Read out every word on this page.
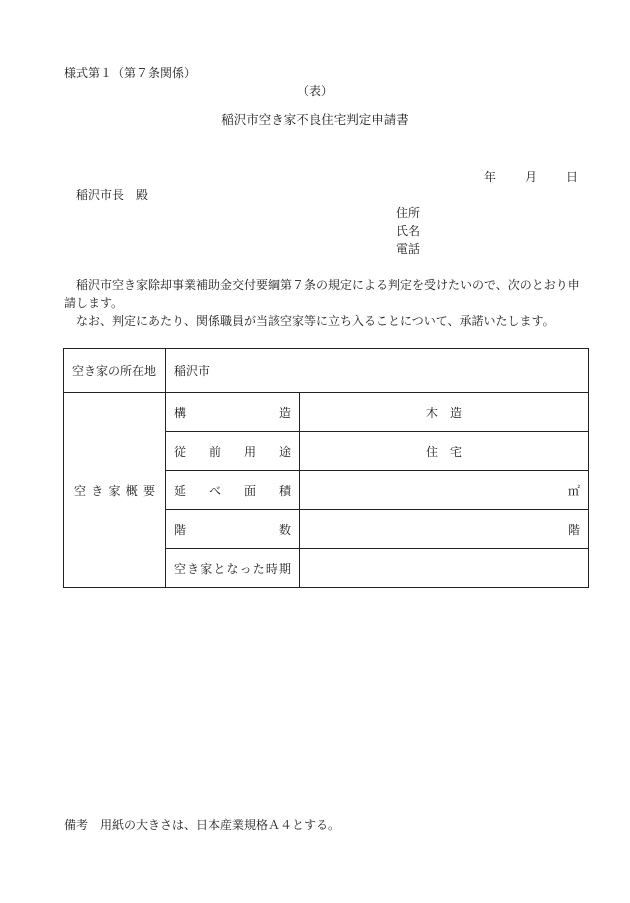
様式第１（第７条関係）
（表）
稲沢市空き家不良住宅判定申請書
年 月 日
稲沢市長　殿
住所
氏名
電話

稲沢市空き家除却事業補助金交付要綱第７条の規定による判定を受けたいので、次のとおり申請します。

なお、判定にあたり、関係職員が当該空家等に立ち入ることについて、承諾いたします。

空き家の所在地	稲沢市	
空き家概要	構造	木　造
	従前用途	住　宅
	延べ面積	㎡
	階数	階
	空き家となった時期	
備考　用紙の大きさは、日本産業規格Ａ４とする。
